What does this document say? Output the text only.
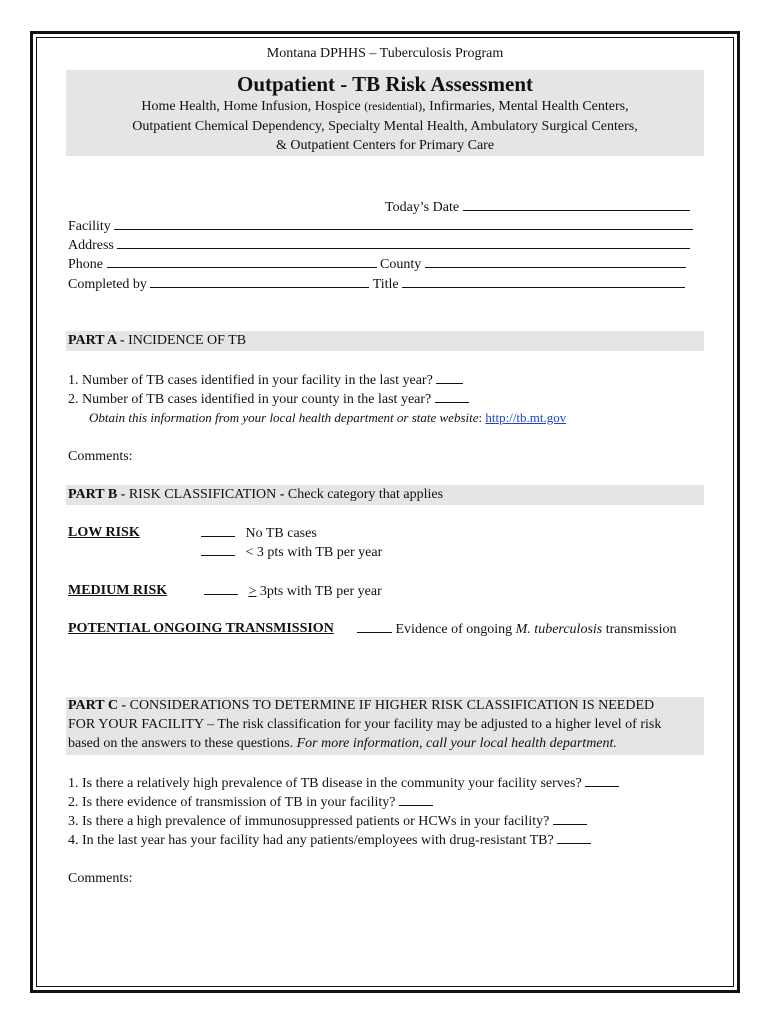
Montana DPHHS – Tuberculosis Program
Outpatient - TB Risk Assessment
Home Health, Home Infusion, Hospice (residential), Infirmaries, Mental Health Centers,
Outpatient Chemical Dependency, Specialty Mental Health, Ambulatory Surgical Centers,
& Outpatient Centers for Primary Care
Today’s Date
Facility
Address
Phone	County
Completed by	Title
PART A - INCIDENCE OF TB
1. Number of TB cases identified in your facility in the last year?
2. Number of TB cases identified in your county in the last year?
Obtain this information from your local health department or state website: http://tb.mt.gov
Comments:
PART B - RISK CLASSIFICATION - Check category that applies
LOW RISK	No TB cases
< 3 pts with TB per year
MEDIUM RISK	> 3pts with TB per year
POTENTIAL ONGOING TRANSMISSION	Evidence of ongoing M. tuberculosis transmission
PART C - CONSIDERATIONS TO DETERMINE IF HIGHER RISK CLASSIFICATION IS NEEDED
FOR YOUR FACILITY – The risk classification for your facility may be adjusted to a higher level of risk
based on the answers to these questions. For more information, call your local health department.
1. Is there a relatively high prevalence of TB disease in the community your facility serves?
2. Is there evidence of transmission of TB in your facility?
3. Is there a high prevalence of immunosuppressed patients or HCWs in your facility?
4. In the last year has your facility had any patients/employees with drug-resistant TB?
Comments:
